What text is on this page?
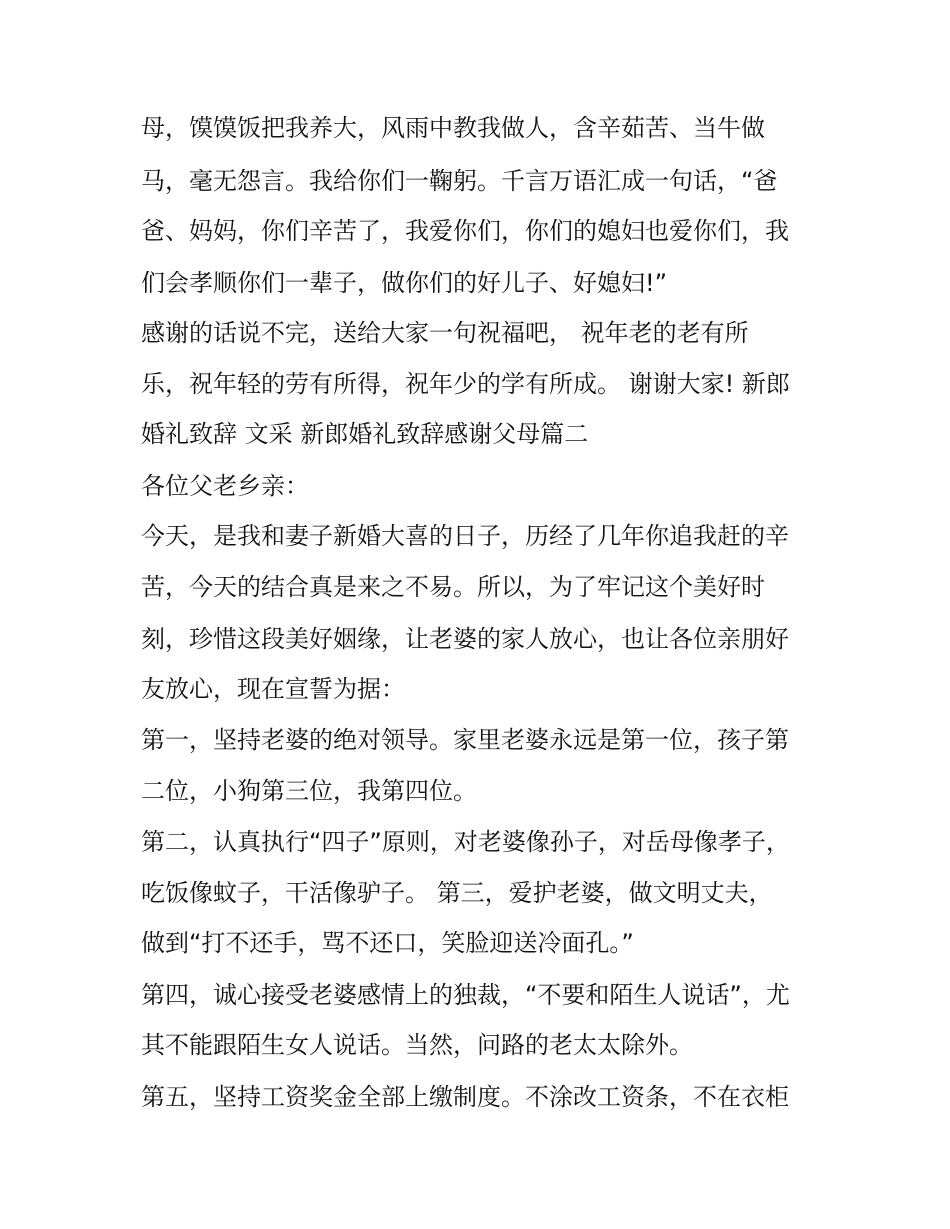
母，馍馍饭把我养大，风雨中教我做人，含辛茹苦、当牛做
马，毫无怨言。我给你们一鞠躬。千言万语汇成一句话，“爸
爸、妈妈，你们辛苦了，我爱你们，你们的媳妇也爱你们，我
们会孝顺你们一辈子，做你们的好儿子、好媳妇!”
感谢的话说不完，送给大家一句祝福吧， 祝年老的老有所
乐，祝年轻的劳有所得，祝年少的学有所成。 谢谢大家! 新郎
婚礼致辞 文采 新郎婚礼致辞感谢父母篇二
各位父老乡亲：
今天，是我和妻子新婚大喜的日子，历经了几年你追我赶的辛
苦，今天的结合真是来之不易。所以，为了牢记这个美好时
刻，珍惜这段美好姻缘，让老婆的家人放心，也让各位亲朋好
友放心，现在宣誓为据：
第一，坚持老婆的绝对领导。家里老婆永远是第一位，孩子第
二位，小狗第三位，我第四位。
第二，认真执行“四子”原则，对老婆像孙子，对岳母像孝子，
吃饭像蚊子，干活像驴子。 第三，爱护老婆，做文明丈夫，
做到“打不还手，骂不还口，笑脸迎送冷面孔。”
第四，诚心接受老婆感情上的独裁，“不要和陌生人说话”，尤
其不能跟陌生女人说话。当然，问路的老太太除外。
第五，坚持工资奖金全部上缴制度。不涂改工资条，不在衣柜
